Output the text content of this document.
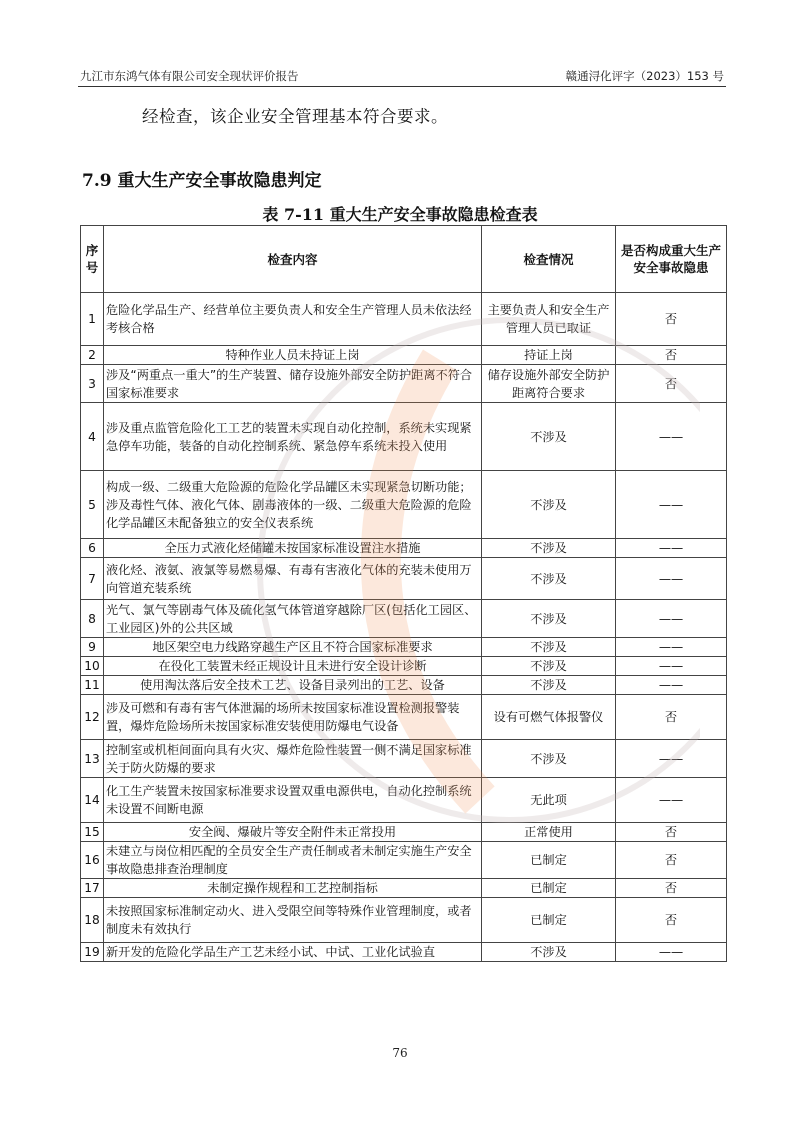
九江市东鸿气体有限公司安全现状评价报告	赣通浔化评字（2023）153 号
经检查，该企业安全管理基本符合要求。
7.9 重大生产安全事故隐患判定
表 7-11 重大生产安全事故隐患检查表
序号	检查内容	检查情况	是否构成重大生产安全事故隐患
1	危险化学品生产、经营单位主要负责人和安全生产管理人员未依法经考核合格	主要负责人和安全生产管理人员已取证	否
2	特种作业人员未持证上岗	持证上岗	否
3	涉及“两重点一重大”的生产装置、储存设施外部安全防护距离不符合国家标准要求	储存设施外部安全防护距离符合要求	否
4	涉及重点监管危险化工工艺的装置未实现自动化控制，系统未实现紧急停车功能，装备的自动化控制系统、紧急停车系统未投入使用	不涉及	——
5	构成一级、二级重大危险源的危险化学品罐区未实现紧急切断功能；涉及毒性气体、液化气体、剧毒液体的一级、二级重大危险源的危险化学品罐区未配备独立的安全仪表系统	不涉及	——
6	全压力式液化烃储罐未按国家标准设置注水措施	不涉及	——
7	液化烃、液氨、液氯等易燃易爆、有毒有害液化气体的充装未使用万向管道充装系统	不涉及	——
8	光气、氯气等剧毒气体及硫化氢气体管道穿越除厂区(包括化工园区、工业园区)外的公共区域	不涉及	——
9	地区架空电力线路穿越生产区且不符合国家标准要求	不涉及	——
10	在役化工装置未经正规设计且未进行安全设计诊断	不涉及	——
11	使用淘汰落后安全技术工艺、设备目录列出的工艺、设备	不涉及	——
12	涉及可燃和有毒有害气体泄漏的场所未按国家标准设置检测报警装置，爆炸危险场所未按国家标准安装使用防爆电气设备	设有可燃气体报警仪	否
13	控制室或机柜间面向具有火灾、爆炸危险性装置一侧不满足国家标准关于防火防爆的要求	不涉及	——
14	化工生产装置未按国家标准要求设置双重电源供电，自动化控制系统未设置不间断电源	无此项	——
15	安全阀、爆破片等安全附件未正常投用	正常使用	否
16	未建立与岗位相匹配的全员安全生产责任制或者未制定实施生产安全事故隐患排查治理制度	已制定	否
17	未制定操作规程和工艺控制指标	已制定	否
18	未按照国家标准制定动火、进入受限空间等特殊作业管理制度，或者制度未有效执行	已制定	否
19	新开发的危险化学品生产工艺未经小试、中试、工业化试验直	不涉及	——
76
